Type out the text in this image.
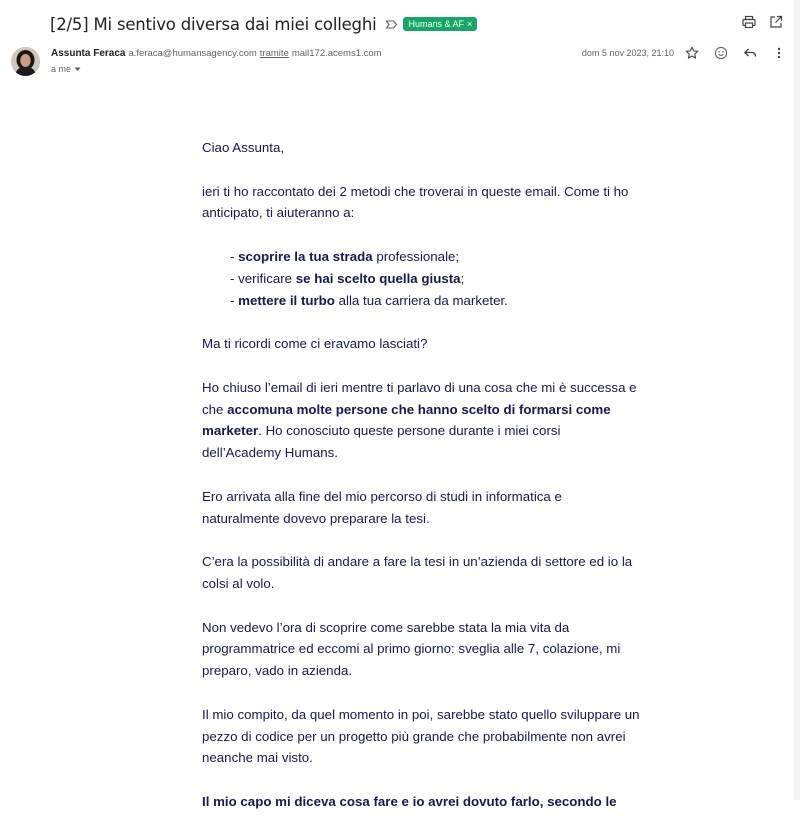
[2/5] Mi sentivo diversa dai miei colleghi	Humans & AF ×
Assunta Feraca a.feraca@humansagency.com tramite mail172.acems1.com
a me
dom 5 nov 2023, 21:10

Ciao Assunta,

ieri ti ho raccontato dei 2 metodi che troverai in queste email. Come ti ho anticipato, ti aiuteranno a:

- scoprire la tua strada professionale;
- verificare se hai scelto quella giusta;
- mettere il turbo alla tua carriera da marketer.

Ma ti ricordi come ci eravamo lasciati?

Ho chiuso l’email di ieri mentre ti parlavo di una cosa che mi è successa e che accomuna molte persone che hanno scelto di formarsi come marketer. Ho conosciuto queste persone durante i miei corsi dell’Academy Humans.

Ero arrivata alla fine del mio percorso di studi in informatica e naturalmente dovevo preparare la tesi.

C’era la possibilità di andare a fare la tesi in un’azienda di settore ed io la colsi al volo.

Non vedevo l’ora di scoprire come sarebbe stata la mia vita da programmatrice ed eccomi al primo giorno: sveglia alle 7, colazione, mi preparo, vado in azienda.

Il mio compito, da quel momento in poi, sarebbe stato quello sviluppare un pezzo di codice per un progetto più grande che probabilmente non avrei neanche mai visto.

Il mio capo mi diceva cosa fare e io avrei dovuto farlo, secondo le
